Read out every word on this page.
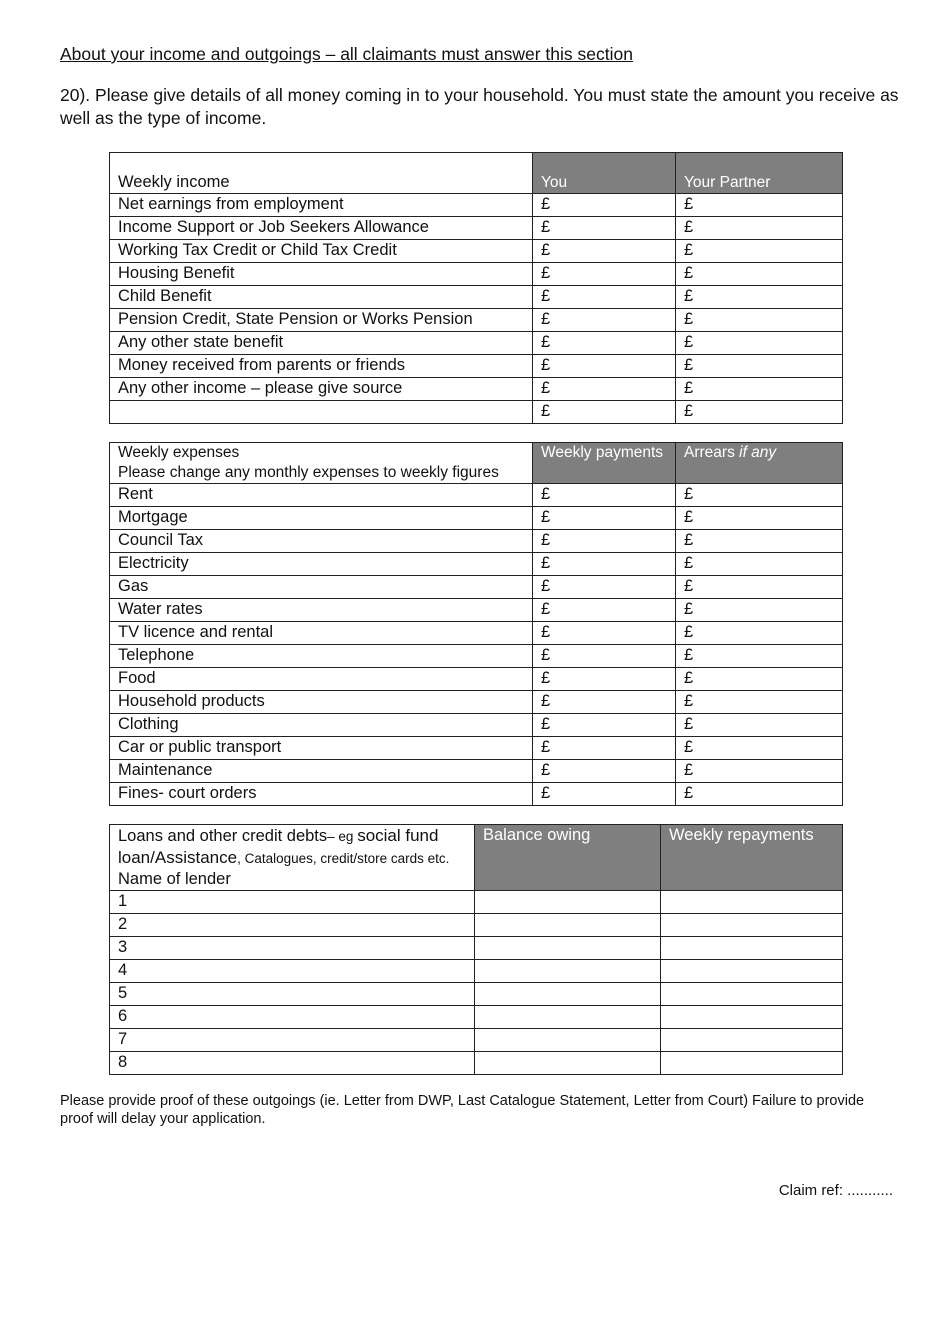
About your income and outgoings – all claimants must answer this section
20). Please give details of all money coming in to your household. You must state the amount you receive as well as the type of income.
Weekly income	You	Your Partner
Net earnings from employment	£	£
Income Support or Job Seekers Allowance	£	£
Working Tax Credit or Child Tax Credit	£	£
Housing Benefit	£	£
Child Benefit	£	£
Pension Credit, State Pension or Works Pension	£	£
Any other state benefit	£	£
Money received from parents or friends	£	£
Any other income – please give source	£	£
	£	£
Weekly expenses
Please change any monthly expenses to weekly figures	Weekly payments	Arrears if any
Rent	£	£
Mortgage	£	£
Council Tax	£	£
Electricity	£	£
Gas	£	£
Water rates	£	£
TV licence and rental	£	£
Telephone	£	£
Food	£	£
Household products	£	£
Clothing	£	£
Car or public transport	£	£
Maintenance	£	£
Fines- court orders	£	£
Loans and other credit debts– eg social fund loan/Assistance, Catalogues, credit/store cards etc.
Name of lender	Balance owing	Weekly repayments
1		
2		
3		
4		
5		
6		
7		
8		
Please provide proof of these outgoings (ie. Letter from DWP, Last Catalogue Statement, Letter from Court) Failure to provide proof will delay your application.
Claim ref: ...........
